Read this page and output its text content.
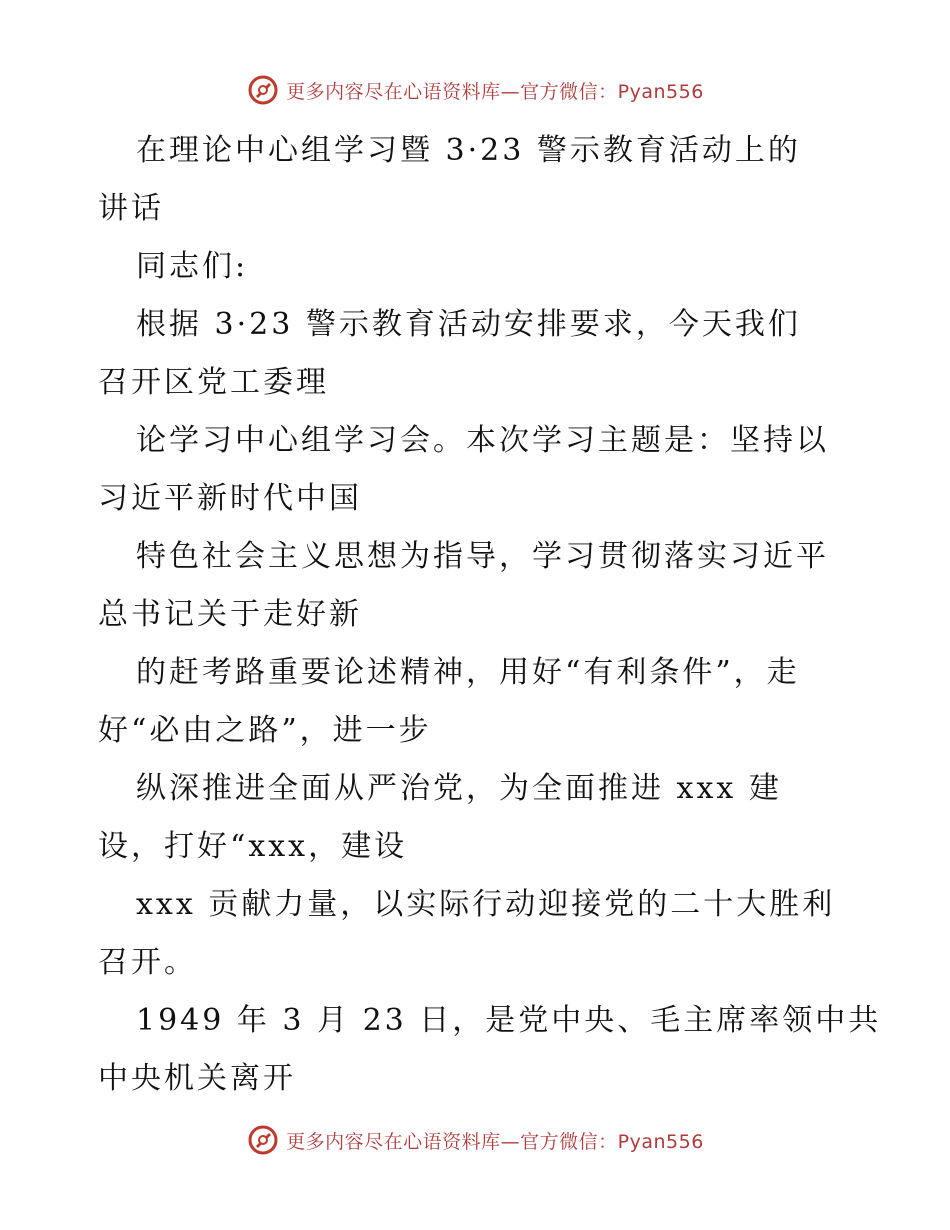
更多内容尽在心语资料库—官方微信：Pyan556
在理论中心组学习暨 3·23 警示教育活动上的
讲话
同志们:
根据 3·23 警示教育活动安排要求，今天我们
召开区党工委理
论学习中心组学习会。本次学习主题是：坚持以
习近平新时代中国
特色社会主义思想为指导，学习贯彻落实习近平
总书记关于走好新
的赶考路重要论述精神，用好“有利条件”，走
好“必由之路”，进一步
纵深推进全面从严治党，为全面推进 xxx 建
设，打好“xxx，建设
xxx 贡献力量，以实际行动迎接党的二十大胜利
召开。
1949 年 3 月 23 日，是党中央、毛主席率领中共
中央机关离开
更多内容尽在心语资料库—官方微信：Pyan556
